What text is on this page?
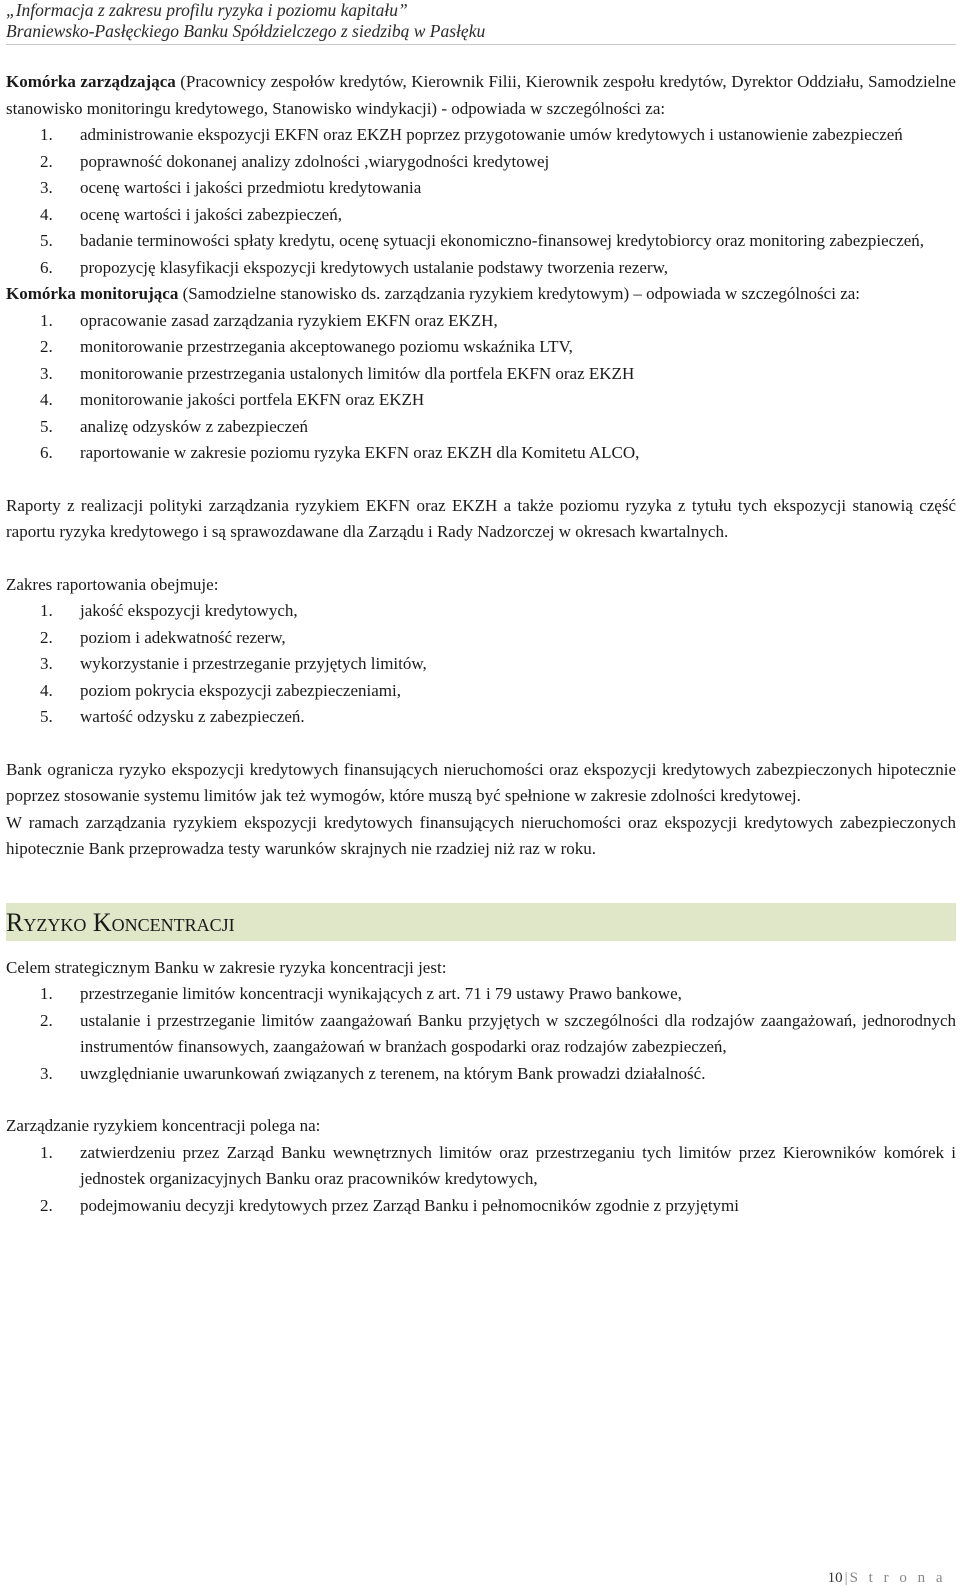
„Informacja z zakresu profilu ryzyka i poziomu kapitału”

Braniewsko-Pasłęckiego Banku Spółdzielczego z siedzibą w Pasłęku

Komórka zarządzająca (Pracownicy zespołów kredytów, Kierownik Filii, Kierownik zespołu kredytów, Dyrektor Oddziału, Samodzielne stanowisko monitoringu kredytowego, Stanowisko windykacji) - odpowiada w szczególności za:

1. administrowanie ekspozycji EKFN oraz EKZH poprzez przygotowanie umów kredytowych i ustanowienie zabezpieczeń
2. poprawność dokonanej analizy zdolności ,wiarygodności kredytowej
3. ocenę wartości i jakości przedmiotu kredytowania
4. ocenę wartości i jakości zabezpieczeń,
5. badanie terminowości spłaty kredytu, ocenę sytuacji ekonomiczno-finansowej kredytobiorcy oraz monitoring zabezpieczeń,
6. propozycję klasyfikacji ekspozycji kredytowych ustalanie podstawy tworzenia rezerw,

Komórka monitorująca (Samodzielne stanowisko ds. zarządzania ryzykiem kredytowym) – odpowiada w szczególności za:

1. opracowanie zasad zarządzania ryzykiem EKFN oraz EKZH,
2. monitorowanie przestrzegania akceptowanego poziomu wskaźnika LTV,
3. monitorowanie przestrzegania ustalonych limitów dla portfela EKFN oraz EKZH
4. monitorowanie jakości portfela EKFN oraz EKZH
5. analizę odzysków z zabezpieczeń
6. raportowanie w zakresie poziomu ryzyka EKFN oraz EKZH dla Komitetu ALCO,

Raporty z realizacji polityki zarządzania ryzykiem EKFN oraz EKZH a także poziomu ryzyka z tytułu tych ekspozycji stanowią część raportu ryzyka kredytowego i są sprawozdawane dla Zarządu i Rady Nadzorczej w okresach kwartalnych.

Zakres raportowania obejmuje:

1. jakość ekspozycji kredytowych,
2. poziom i adekwatność rezerw,
3. wykorzystanie i przestrzeganie przyjętych limitów,
4. poziom pokrycia ekspozycji zabezpieczeniami,
5. wartość odzysku z zabezpieczeń.

Bank ogranicza ryzyko ekspozycji kredytowych finansujących nieruchomości oraz ekspozycji kredytowych zabezpieczonych hipotecznie poprzez stosowanie systemu limitów jak też wymogów, które muszą być spełnione w zakresie zdolności kredytowej.

W ramach zarządzania ryzykiem ekspozycji kredytowych finansujących nieruchomości oraz ekspozycji kredytowych zabezpieczonych hipotecznie Bank przeprowadza testy warunków skrajnych nie rzadziej niż raz w roku.

Ryzyko Koncentracji

Celem strategicznym Banku w zakresie ryzyka koncentracji jest:

1. przestrzeganie limitów koncentracji wynikających z art. 71 i 79 ustawy Prawo bankowe,
2. ustalanie i przestrzeganie limitów zaangażowań Banku przyjętych w szczególności dla rodzajów zaangażowań, jednorodnych instrumentów finansowych, zaangażowań w branżach gospodarki oraz rodzajów zabezpieczeń,
3. uwzględnianie uwarunkowań związanych z terenem, na którym Bank prowadzi działalność.

Zarządzanie ryzykiem koncentracji polega na:

1. zatwierdzeniu przez Zarząd Banku wewnętrznych limitów oraz przestrzeganiu tych limitów przez Kierowników komórek i jednostek organizacyjnych Banku oraz pracowników kredytowych,
2. podejmowaniu decyzji kredytowych przez Zarząd Banku i pełnomocników zgodnie z przyjętymi
10 | S t r o n a
